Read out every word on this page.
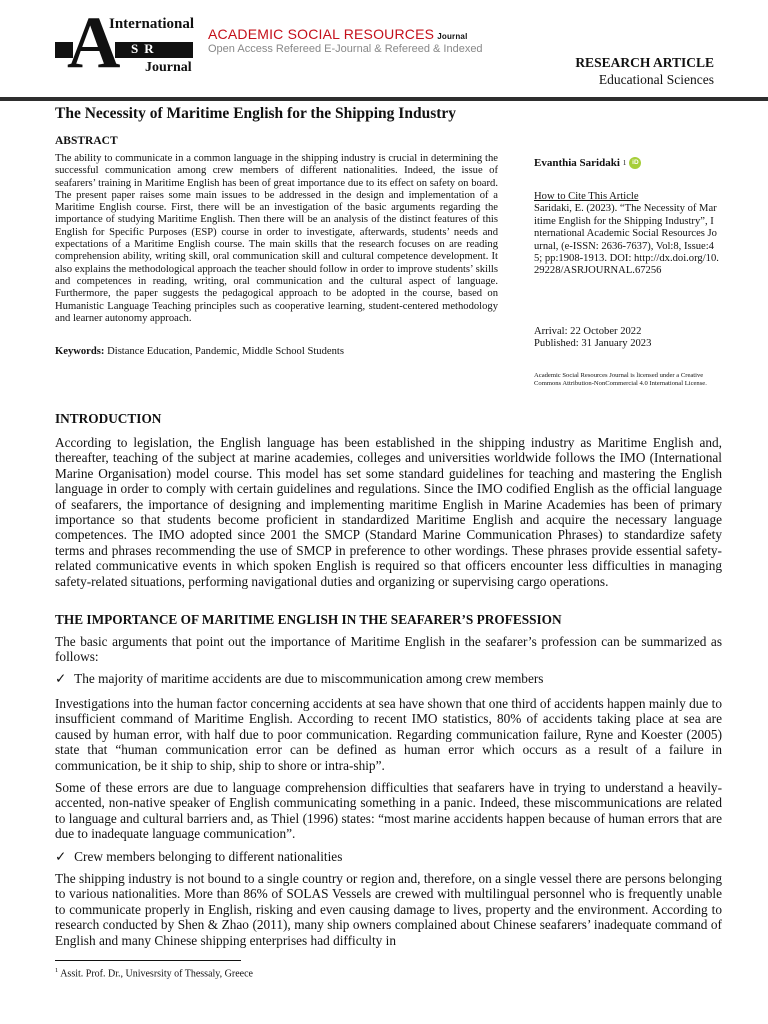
A SR
International
Journal
ACADEMIC SOCIAL RESOURCES Journal
Open Access Refereed E-Journal & Refereed & Indexed
RESEARCH ARTICLE
Educational Sciences
The Necessity of Maritime English for the Shipping Industry
ABSTRACT
The ability to communicate in a common language in the shipping industry is crucial in determining the successful communication among crew members of different nationalities. Indeed, the issue of seafarers’ training in Maritime English has been of great importance due to its effect on safety on board. The present paper raises some main issues to be addressed in the design and implementation of a Maritime English course. First, there will be an investigation of the basic arguments regarding the importance of studying Maritime English. Then there will be an analysis of the distinct features of this English for Specific Purposes (ESP) course in order to investigate, afterwards, students’ needs and expectations of a Maritime English course. The main skills that the research focuses on are reading comprehension ability, writing skill, oral communication skill and cultural competence development. It also explains the methodological approach the teacher should follow in order to improve students’ skills and competences in reading, writing, oral communication and the cultural aspect of language. Furthermore, the paper suggests the pedagogical approach to be adopted in the course, based on Humanistic Language Teaching principles such as cooperative learning, student-centered methodology and learner autonomy approach.
Keywords: Distance Education, Pandemic, Middle School Students
Evanthia Saridaki 1 iD
How to Cite This Article
Saridaki, E. (2023). “The Necessity of Maritime English for the Shipping Industry”, International Academic Social Resources Journal, (e-ISSN: 2636-7637), Vol:8, Issue:45; pp:1908-1913. DOI: http://dx.doi.org/10.29228/ASRJOURNAL.67256
Arrival: 22 October 2022
Published: 31 January 2023
Academic Social Resources Journal is licensed under a Creative Commons Attribution-NonCommercial 4.0 International License.
INTRODUCTION
According to legislation, the English language has been established in the shipping industry as Maritime English and, thereafter, teaching of the subject at marine academies, colleges and universities worldwide follows the IMO (International Marine Organisation) model course. This model has set some standard guidelines for teaching and mastering the English language in order to comply with certain guidelines and regulations. Since the IMO codified English as the official language of seafarers, the importance of designing and implementing maritime English in Marine Academies has been of primary importance so that students become proficient in standardized Maritime English and acquire the necessary language competences. The IMO adopted since 2001 the SMCP (Standard Marine Communication Phrases) to standardize safety terms and phrases recommending the use of SMCP in preference to other wordings. These phrases provide essential safety-related communicative events in which spoken English is required so that officers encounter less difficulties in managing safety-related situations, performing navigational duties and organizing or supervising cargo operations.
THE IMPORTANCE OF MARITIME ENGLISH IN THE SEAFARER’S PROFESSION
The basic arguments that point out the importance of Maritime English in the seafarer’s profession can be summarized as follows:
✓ The majority of maritime accidents are due to miscommunication among crew members
Investigations into the human factor concerning accidents at sea have shown that one third of accidents happen mainly due to insufficient command of Maritime English. According to recent IMO statistics, 80% of accidents taking place at sea are caused by human error, with half due to poor communication. Regarding communication failure, Ryne and Koester (2005) state that “human communication error can be defined as human error which occurs as a result of a failure in communication, be it ship to ship, ship to shore or intra-ship”.
Some of these errors are due to language comprehension difficulties that seafarers have in trying to understand a heavily-accented, non-native speaker of English communicating something in a panic. Indeed, these miscommunications are related to language and cultural barriers and, as Thiel (1996) states: “most marine accidents happen because of human errors that are due to inadequate language communication”.
✓ Crew members belonging to different nationalities
The shipping industry is not bound to a single country or region and, therefore, on a single vessel there are persons belonging to various nationalities. More than 86% of SOLAS Vessels are crewed with multilingual personnel who is frequently unable to communicate properly in English, risking and even causing damage to lives, property and the environment. According to research conducted by Shen & Zhao (2011), many ship owners complained about Chinese seafarers’ inadequate command of English and many Chinese shipping enterprises had difficulty in
$^1$ Assit. Prof. Dr., Univesrsity of Thessaly, Greece
